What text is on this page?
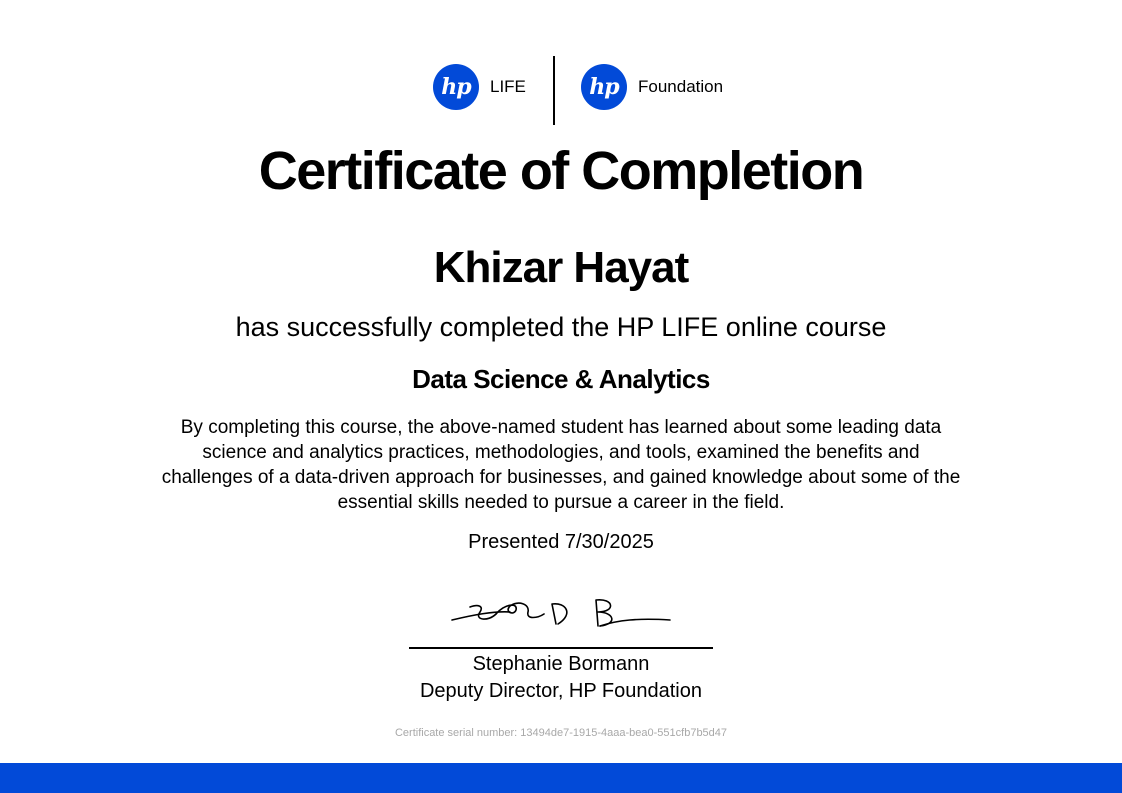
hp LIFE	hp Foundation
Certificate of Completion
Khizar Hayat
has successfully completed the HP LIFE online course
Data Science & Analytics
By completing this course, the above-named student has learned about some leading data science and analytics practices, methodologies, and tools, examined the benefits and challenges of a data-driven approach for businesses, and gained knowledge about some of the essential skills needed to pursue a career in the field.
Presented 7/30/2025
Stephanie Bormann
Deputy Director, HP Foundation
Certificate serial number: 13494de7-1915-4aaa-bea0-551cfb7b5d47
